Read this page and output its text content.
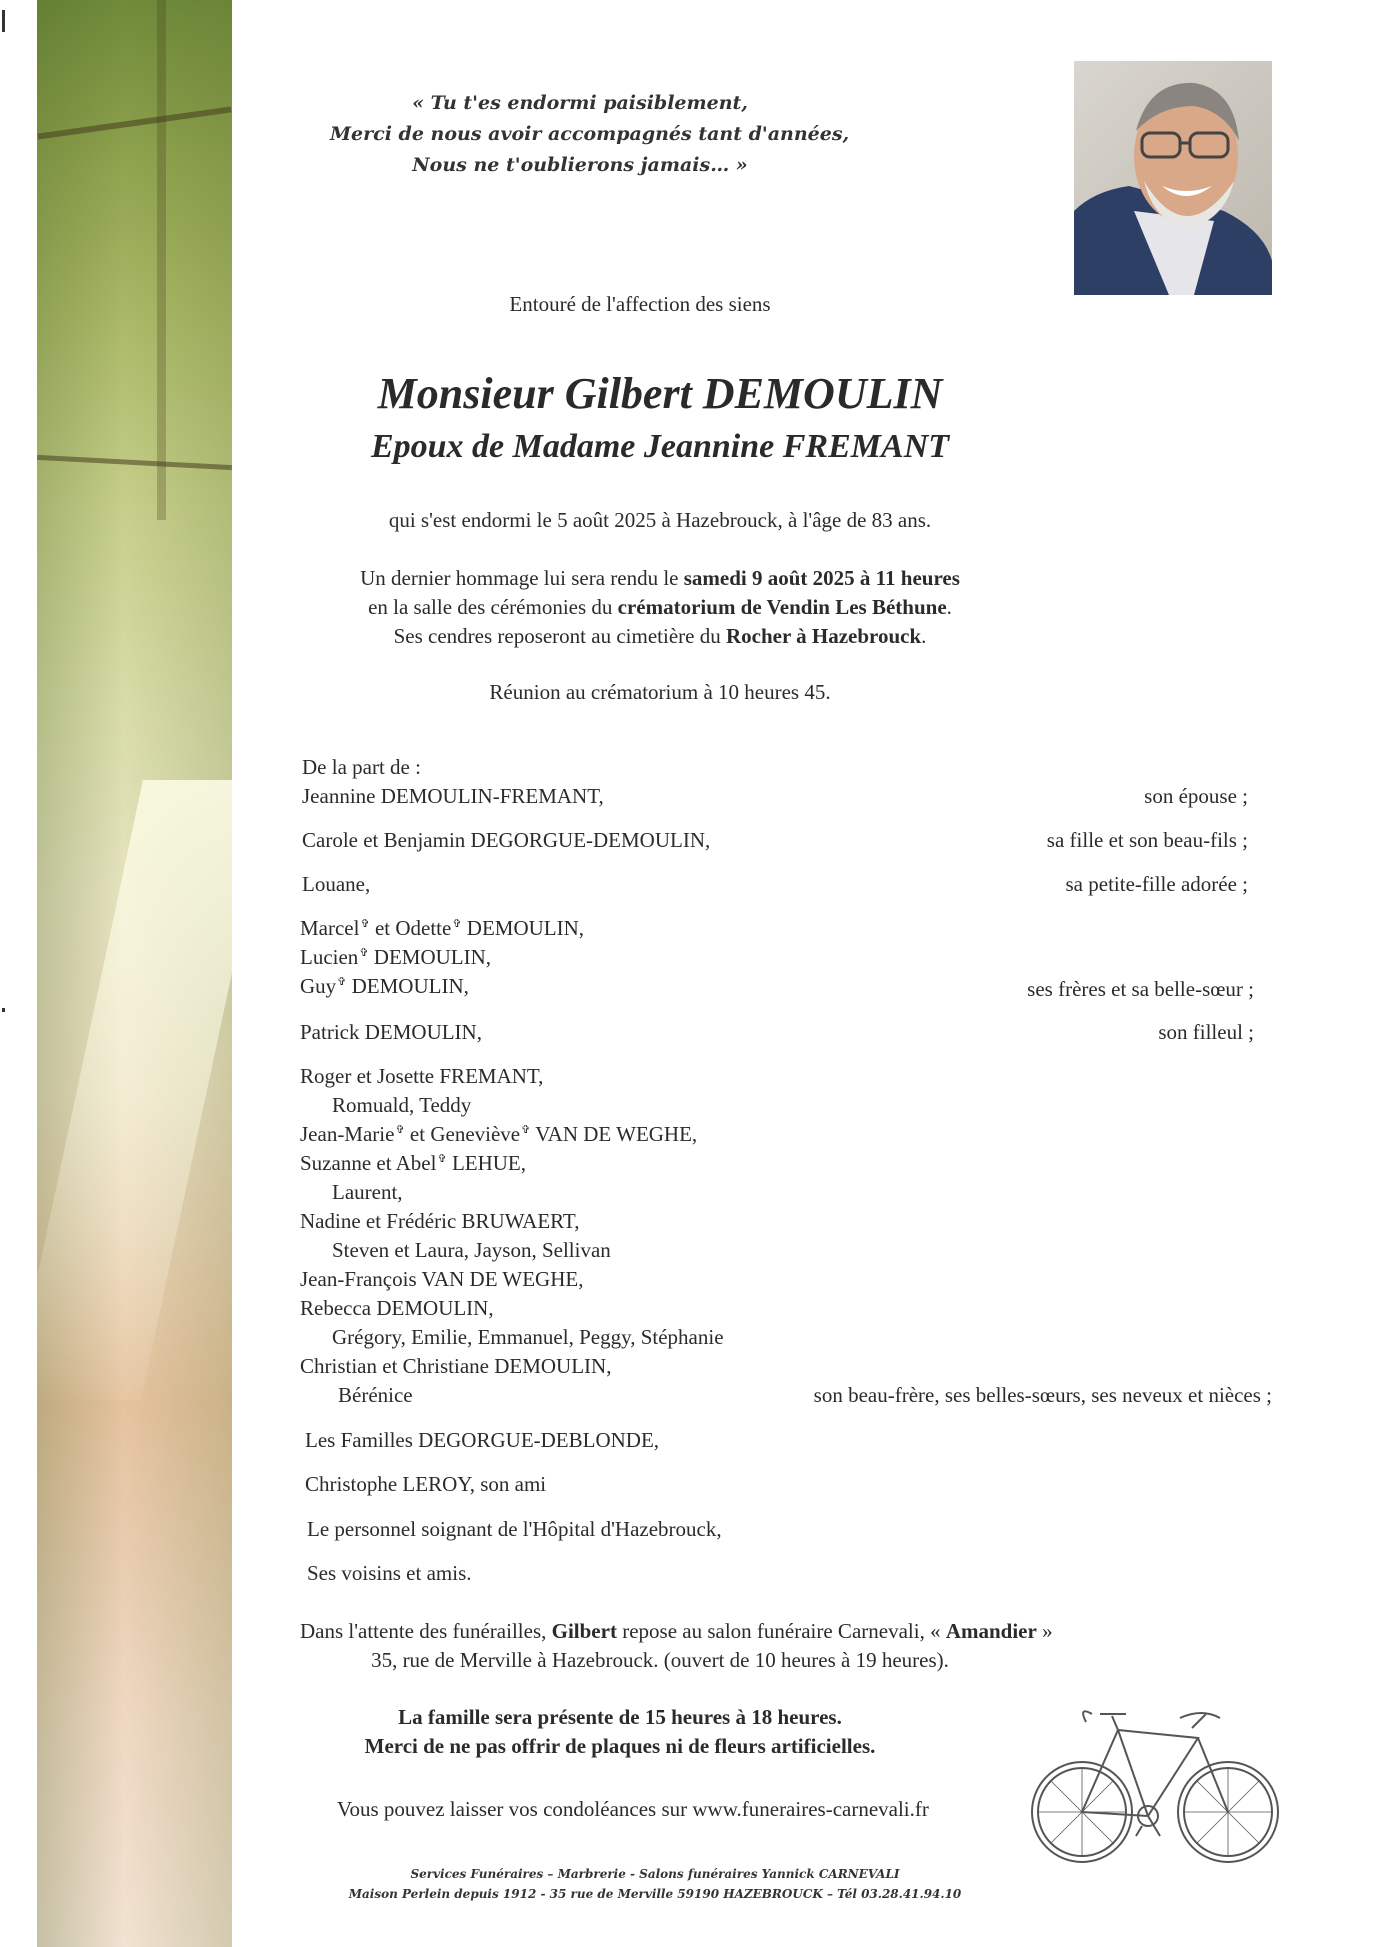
« Tu t'es endormi paisiblement,
Merci de nous avoir accompagnés tant d'années,
Nous ne t'oublierons jamais… »
Entouré de l'affection des siens
Monsieur Gilbert DEMOULIN
Epoux de Madame Jeannine FREMANT
qui s'est endormi le 5 août 2025 à Hazebrouck, à l'âge de 83 ans.
Un dernier hommage lui sera rendu le samedi 9 août 2025 à 11 heures
en la salle des cérémonies du crématorium de Vendin Les Béthune.
Ses cendres reposeront au cimetière du Rocher à Hazebrouck.
Réunion au crématorium à 10 heures 45.
De la part de :
Jeannine DEMOULIN-FREMANT,	son épouse ;
Carole et Benjamin DEGORGUE-DEMOULIN,	sa fille et son beau-fils ;
Louane,	sa petite-fille adorée ;
Marcel✞ et Odette✞ DEMOULIN,
Lucien✞ DEMOULIN,
Guy✞ DEMOULIN,	ses frères et sa belle-sœur ;
Patrick DEMOULIN,	son filleul ;
Roger et Josette FREMANT,
Romuald, Teddy
Jean-Marie✞ et Geneviève✞ VAN DE WEGHE,
Suzanne et Abel✞ LEHUE,
Laurent,
Nadine et Frédéric BRUWAERT,
Steven et Laura, Jayson, Sellivan
Jean-François VAN DE WEGHE,
Rebecca DEMOULIN,
Grégory, Emilie, Emmanuel, Peggy, Stéphanie
Christian et Christiane DEMOULIN,
Bérénice	son beau-frère, ses belles-sœurs, ses neveux et nièces ;
Les Familles DEGORGUE-DEBLONDE,
Christophe LEROY, son ami
Le personnel soignant de l'Hôpital d'Hazebrouck,
Ses voisins et amis.
Dans l'attente des funérailles, Gilbert repose au salon funéraire Carnevali, « Amandier »
35, rue de Merville à Hazebrouck. (ouvert de 10 heures à 19 heures).
La famille sera présente de 15 heures à 18 heures.
Merci de ne pas offrir de plaques ni de fleurs artificielles.
Vous pouvez laisser vos condoléances sur www.funeraires-carnevali.fr
Services Funéraires – Marbrerie - Salons funéraires Yannick CARNEVALI
Maison Perlein depuis 1912 - 35 rue de Merville 59190 HAZEBROUCK – Tél 03.28.41.94.10
